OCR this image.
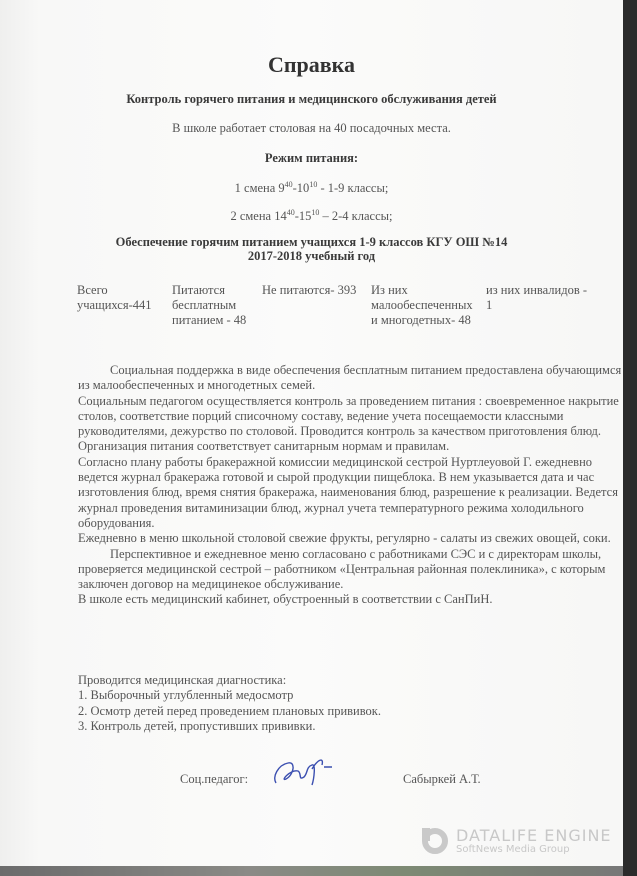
Справка
Контроль горячего питания и медицинского обслуживания детей
В школе работает столовая на 40 посадочных места.
Режим питания:
1 смена $9^{40}-10^{10} - 1-9$ классы;
2 смена $14^{40}-15^{10} - 2-4$ классы;
Обеспечение горячим питанием учащихся 1-9 классов КГУ ОШ №14
2017-2018 учебный год
Всего учащихся-441
Питаются бесплатным питанием - 48
Не питаются- 393	Из них малообеспеченных и многодетных- 48
из них инвалидов - 1

Социальная поддержка в виде обеспечения бесплатным питанием предоставлена обучающимся из малообеспеченных и многодетных семей.

Социальным педагогом осуществляется контроль за проведением питания : своевременное накрытие столов, соответствие порций списочному составу, ведение учета посещаемости классными руководителями, дежурство по столовой. Проводится контроль за качеством приготовления блюд.

Организация питания соответствует санитарным нормам и правилам.

Согласно плану работы бракеражной комиссии медицинской сестрой Нуртлеуовой Г. ежедневно ведется журнал бракеража готовой и сырой продукции пищеблока. В нем указывается дата и час изготовления блюд, время снятия бракеража, наименования блюд, разрешение к реализации. Ведется журнал проведения витаминизации блюд, журнал учета температурного режима холодильного оборудования.

Ежедневно в меню школьной столовой свежие фрукты, регулярно - салаты из свежих овощей, соки.

Перспективное и ежедневное меню согласовано с работниками СЭС и с директорам школы, проверяется медицинской сестрой – работником «Центральная районная полеклиника», с которым заключен договор на медицинекое обслуживание.

В школе есть медицинский кабинет, обустроенный в соответствии с СанПиН.

Проводится медицинская диагностика:

1. Выборочный углубленный медосмотр

2. Осмотр детей перед проведением плановых прививок.

3. Контроль детей, пропустивших прививки.

Соц.педагог:	Сабыркей А.Т.
DATALIFE ENGINE
SoftNews Media Group
